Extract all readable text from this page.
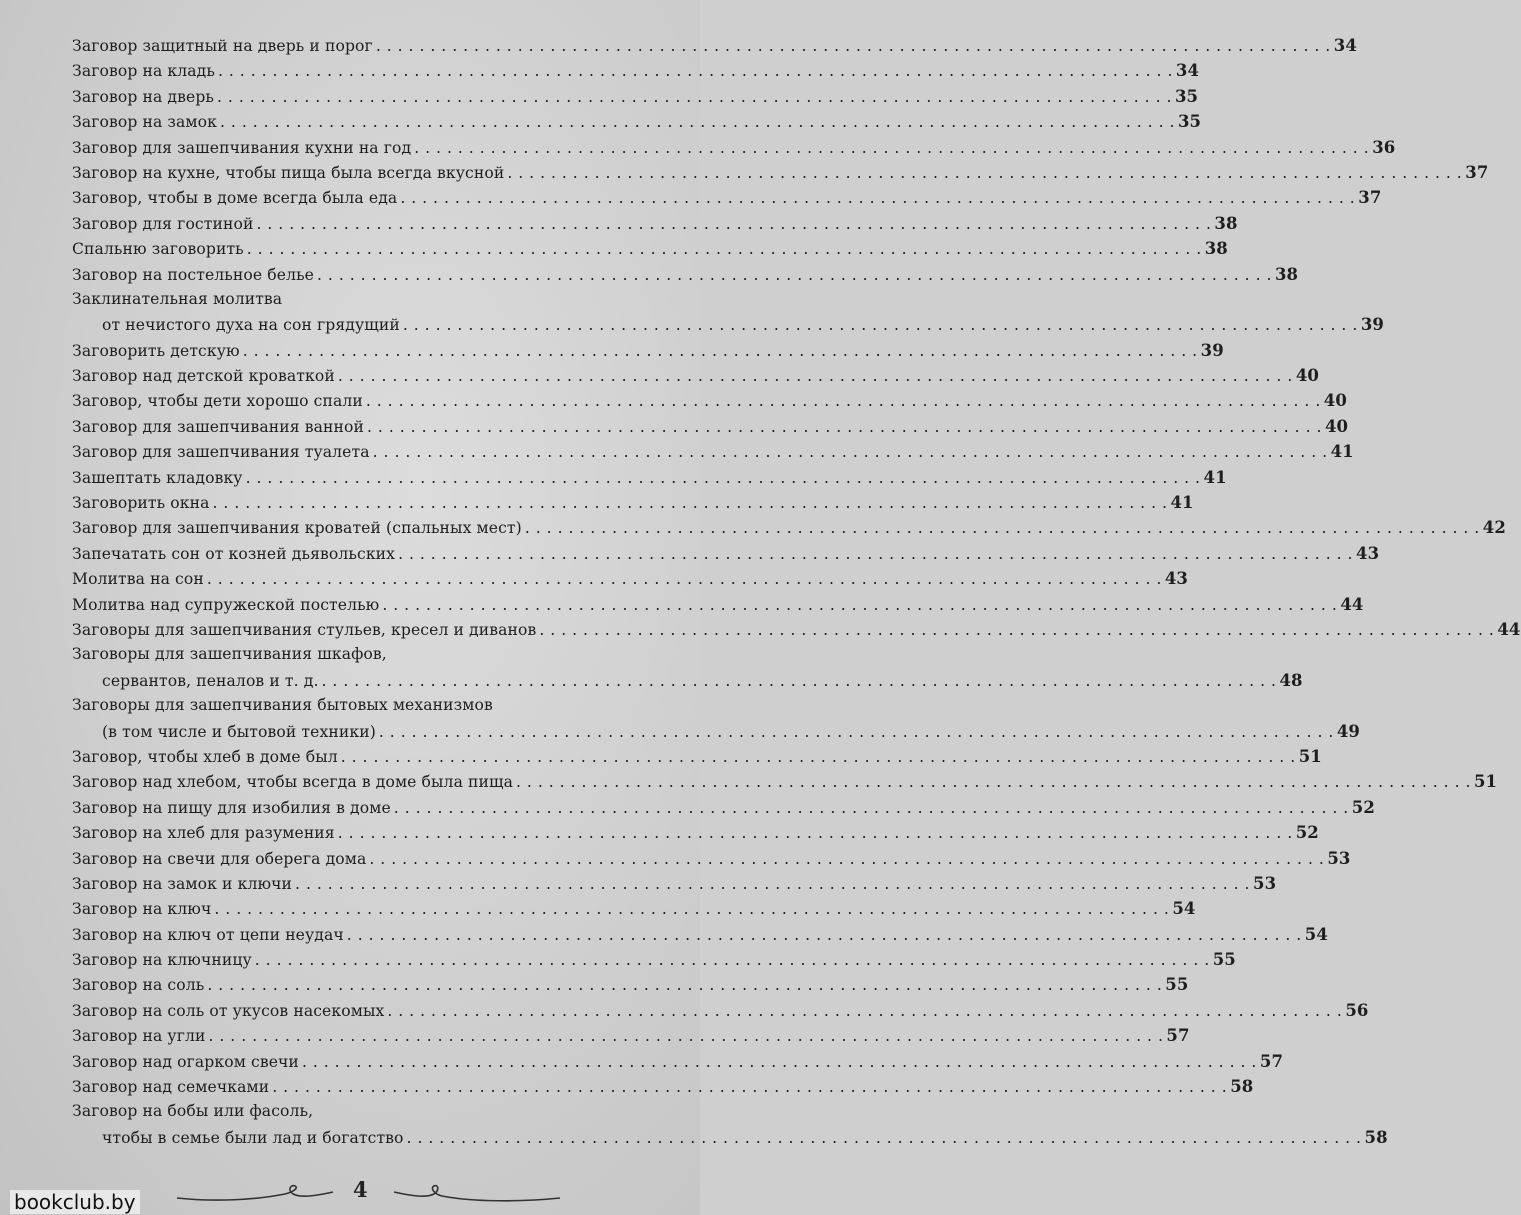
Заговор защитный на дверь и порог . . .	34
Заговор на кладь . . .	34
Заговор на дверь . . .	35
Заговор на замок . . .	35
Заговор для зашепчивания кухни на год . . .	36
Заговор на кухне, чтобы пища была всегда вкусной . . .	37
Заговор, чтобы в доме всегда была еда . . .	37
Заговор для гостиной . . .	38
Спальню заговорить . . .	38
Заговор на постельное белье . . .	38
Заклинательная молитва
от нечистого духа на сон грядущий . . .	39
Заговорить детскую . . .	39
Заговор над детской кроваткой . . .	40
Заговор, чтобы дети хорошо спали . . .	40
Заговор для зашепчивания ванной . . .	40
Заговор для зашепчивания туалета . . .	41
Зашептать кладовку . . .	41
Заговорить окна . . .	41
Заговор для зашепчивания кроватей (спальных мест) . . .	42
Запечатать сон от козней дьявольских . . .	43
Молитва на сон . . .	43
Молитва над супружеской постелью . . .	44
Заговоры для зашепчивания стульев, кресел и диванов . . .	44
Заговоры для зашепчивания шкафов,
сервантов, пеналов и т. д. . . .	48
Заговоры для зашепчивания бытовых механизмов
(в том числе и бытовой техники) . . .	49
Заговор, чтобы хлеб в доме был . . .	51
Заговор над хлебом, чтобы всегда в доме была пища . . .	51
Заговор на пищу для изобилия в доме . . .	52
Заговор на хлеб для разумения . . .	52
Заговор на свечи для оберега дома . . .	53
Заговор на замок и ключи . . .	53
Заговор на ключ . . .	54
Заговор на ключ от цепи неудач . . .	54
Заговор на ключницу . . .	55
Заговор на соль . . .	55
Заговор на соль от укусов насекомых . . .	56
Заговор на угли . . .	57
Заговор над огарком свечи . . .	57
Заговор над семечками . . .	58
Заговор на бобы или фасоль,
чтобы в семье были лад и богатство . . .	58
4
bookclub.by
